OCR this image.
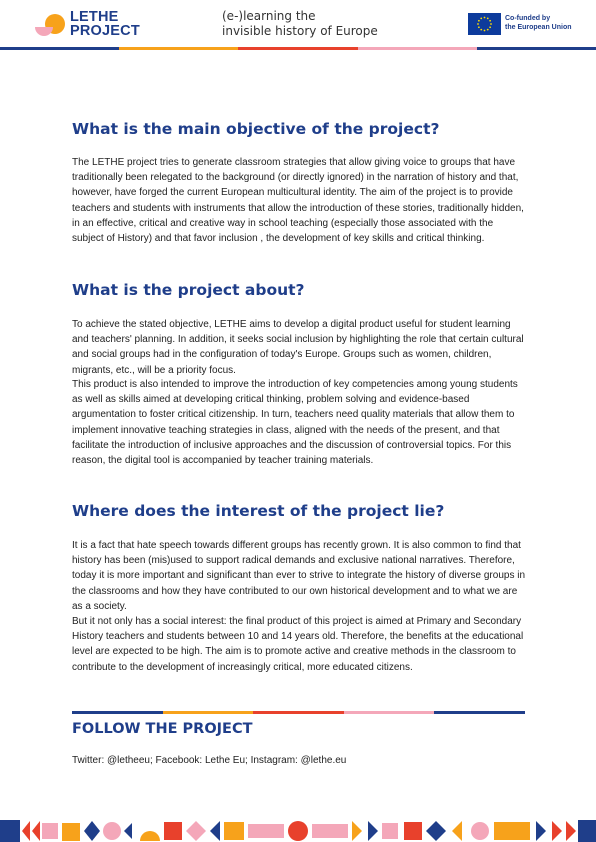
LETHE
PROJECT
(e-)learning the
invisible history of Europe
Co-funded by
the European Union
What is the main objective of the project?

The LETHE project tries to generate classroom strategies that allow giving voice to groups that have traditionally been relegated to the background (or directly ignored) in the narration of history and that, however, have forged the current European multicultural identity. The aim of the project is to provide teachers and students with instruments that allow the introduction of these stories, traditionally hidden, in an effective, critical and creative way in school teaching (especially those associated with the subject of History) and that favor inclusion , the development of key skills and critical thinking.

What is the project about?

To achieve the stated objective, LETHE aims to develop a digital product useful for student learning and teachers' planning. In addition, it seeks social inclusion by highlighting the role that certain cultural and social groups had in the configuration of today's Europe. Groups such as women, children, migrants, etc., will be a priority focus.

This product is also intended to improve the introduction of key competencies among young students as well as skills aimed at developing critical thinking, problem solving and evidence-based argumentation to foster critical citizenship. In turn, teachers need quality materials that allow them to implement innovative teaching strategies in class, aligned with the needs of the present, and that facilitate the introduction of inclusive approaches and the discussion of controversial topics. For this reason, the digital tool is accompanied by teacher training materials.

Where does the interest of the project lie?

It is a fact that hate speech towards different groups has recently grown. It is also common to find that history has been (mis)used to support radical demands and exclusive national narratives. Therefore, today it is more important and significant than ever to strive to integrate the history of diverse groups in the classrooms and how they have contributed to our own historical development and to what we are as a society.

But it not only has a social interest: the final product of this project is aimed at Primary and Secondary History teachers and students between 10 and 14 years old. Therefore, the benefits at the educational level are expected to be high. The aim is to promote active and creative methods in the classroom to contribute to the development of increasingly critical, more educated citizens.

FOLLOW THE PROJECT
Twitter: @letheeu; Facebook: Lethe Eu; Instagram: @lethe.eu
